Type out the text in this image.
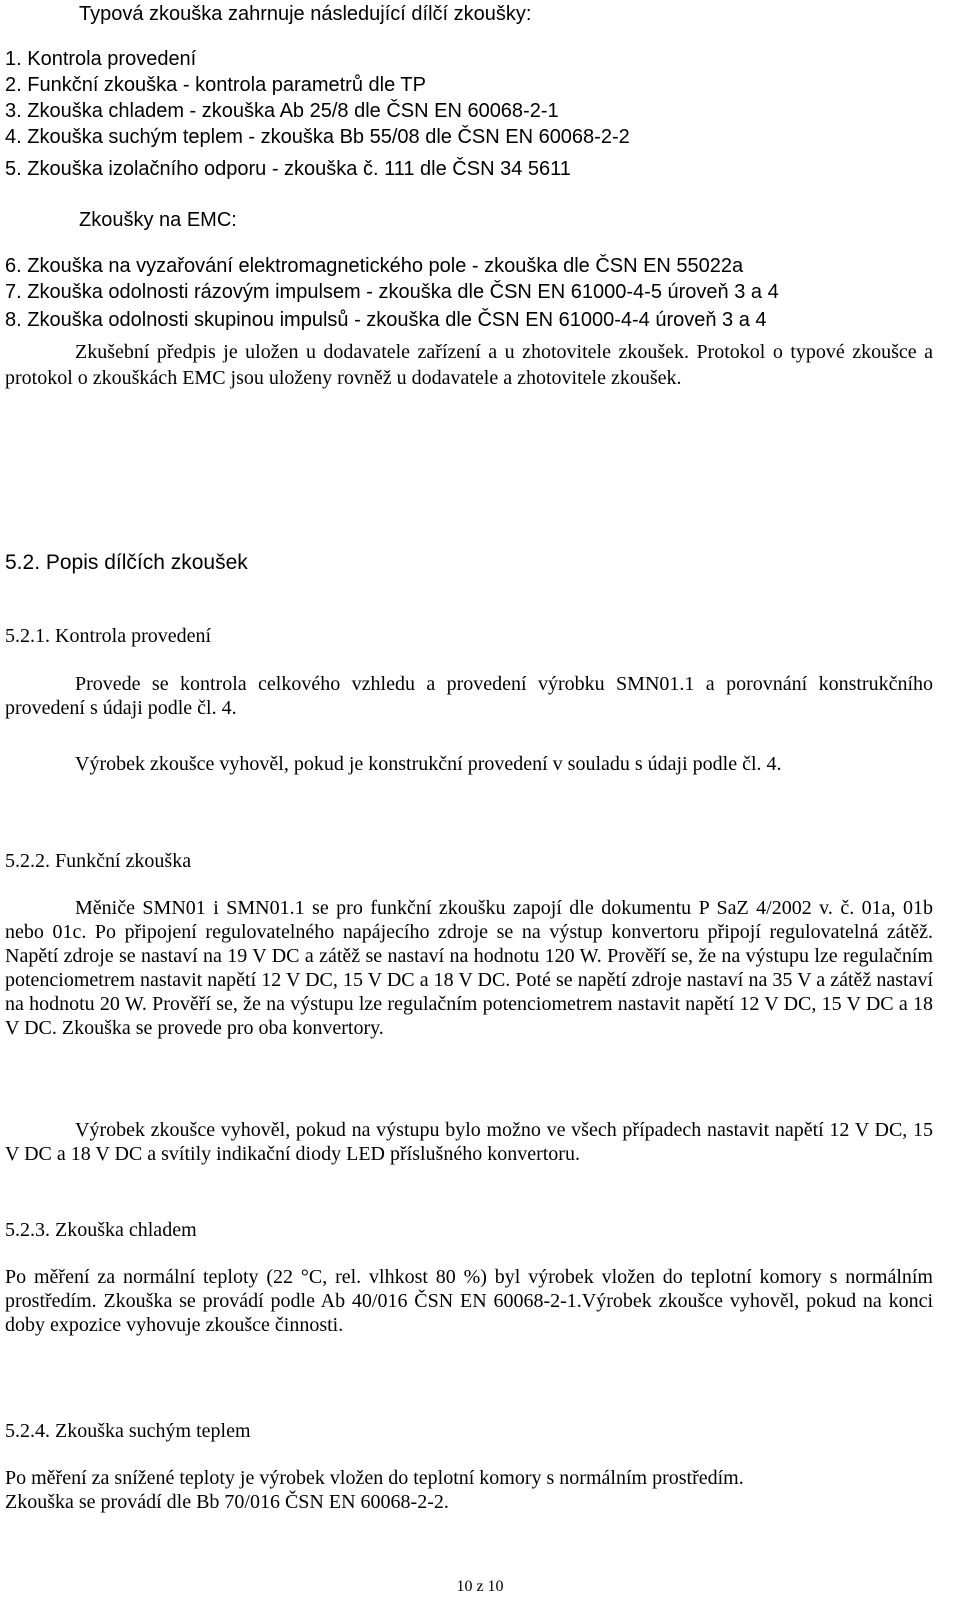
Typová zkouška zahrnuje následující dílčí zkoušky:
1. Kontrola provedení
2. Funkční zkouška - kontrola parametrů dle TP
3. Zkouška chladem - zkouška Ab 25/8 dle ČSN EN 60068-2-1
4. Zkouška suchým teplem - zkouška Bb 55/08 dle ČSN EN 60068-2-2
5. Zkouška izolačního odporu - zkouška č. 111 dle ČSN 34 5611
Zkoušky na EMC:
6. Zkouška na vyzařování elektromagnetického pole - zkouška dle ČSN EN 55022a
7. Zkouška odolnosti rázovým impulsem - zkouška dle ČSN EN 61000-4-5 úroveň 3 a 4
8. Zkouška odolnosti skupinou impulsů - zkouška dle ČSN EN 61000-4-4 úroveň 3 a 4
Zkušební předpis je uložen u dodavatele zařízení a u zhotovitele zkoušek. Protokol o typové zkoušce a protokol o zkouškách EMC jsou uloženy rovněž u dodavatele a zhotovitele zkoušek.
5.2. Popis dílčích zkoušek
5.2.1. Kontrola provedení
Provede se kontrola celkového vzhledu a provedení výrobku SMN01.1 a porovnání konstrukčního provedení s údaji podle čl. 4.
Výrobek zkoušce vyhověl, pokud je konstrukční provedení v souladu s údaji podle čl. 4.
5.2.2. Funkční zkouška
Měniče SMN01 i SMN01.1 se pro funkční zkoušku zapojí dle dokumentu P SaZ 4/2002 v. č. 01a, 01b nebo 01c. Po připojení regulovatelného napájecího zdroje se na výstup konvertoru připojí regulovatelná zátěž. Napětí zdroje se nastaví na 19 V DC a zátěž se nastaví na hodnotu 120 W. Prověří se, že na výstupu lze regulačním potenciometrem nastavit napětí 12 V DC, 15 V DC a 18 V DC. Poté se napětí zdroje nastaví na 35 V a zátěž nastaví na hodnotu 20 W. Prověří se, že na výstupu lze regulačním potenciometrem nastavit napětí 12 V DC, 15 V DC a 18 V DC. Zkouška se provede pro oba konvertory.
Výrobek zkoušce vyhověl, pokud na výstupu bylo možno ve všech případech nastavit napětí 12 V DC, 15 V DC a 18 V DC a svítily indikační diody LED příslušného konvertoru.
5.2.3. Zkouška chladem
Po měření za normální teploty (22 °C, rel. vlhkost 80 %) byl výrobek vložen do teplotní komory s normálním prostředím. Zkouška se provádí podle Ab 40/016 ČSN EN 60068-2-1.Výrobek zkoušce vyhověl, pokud na konci doby expozice vyhovuje zkoušce činnosti.
5.2.4. Zkouška suchým teplem
Po měření za snížené teploty je výrobek vložen do teplotní komory s normálním prostředím.
Zkouška se provádí dle Bb 70/016 ČSN EN 60068-2-2.
10 z 10
